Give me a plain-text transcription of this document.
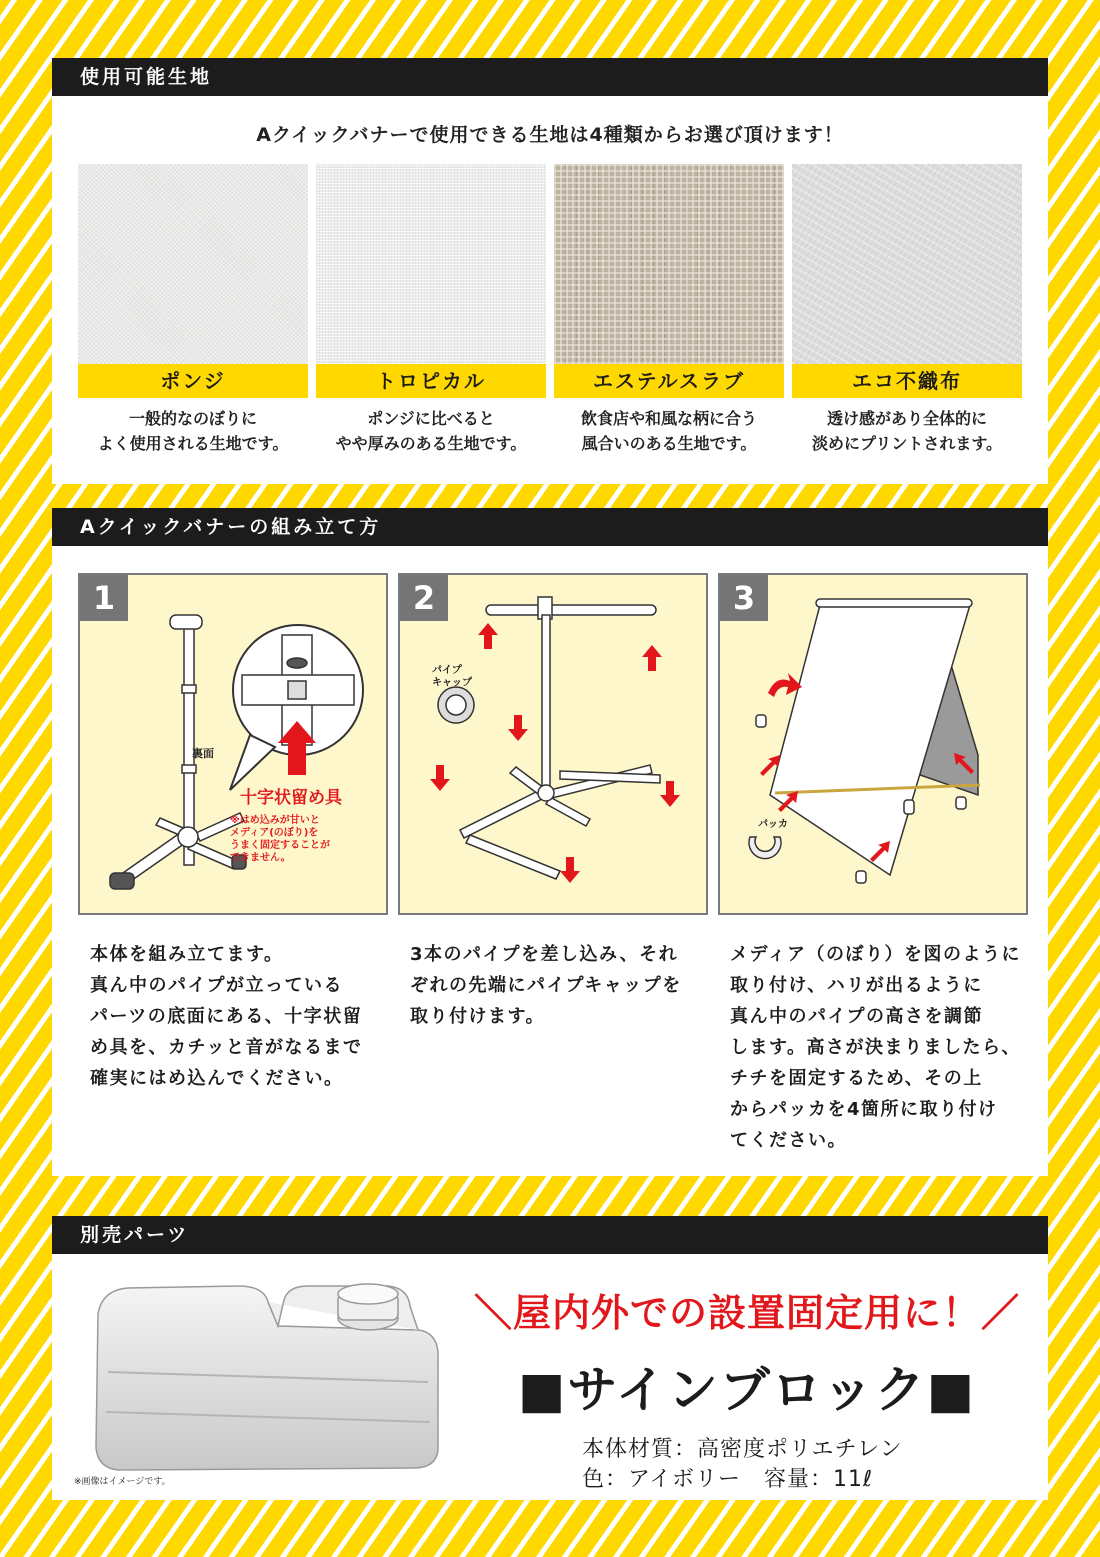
使用可能生地
Aクイックバナーで使用できる生地は4種類からお選び頂けます！
ポンジ
一般的なのぼりに
よく使用される生地です。
トロピカル
ポンジに比べると
やや厚みのある生地です。
エステルスラブ
飲食店や和風な柄に合う
風合いのある生地です。
エコ不織布
透け感があり全体的に
淡めにプリントされます。
Aクイックバナーの組み立て方
裏面
十字状留め具
※はめ込みが甘いとメディア(のぼり)をうまく固定することができません。
1
本体を組み立てます。
真ん中のパイプが立っている
パーツの底面にある、十字状留
め具を、カチッと音がなるまで
確実にはめ込んでください。
パイプキャップ
2
3本のパイプを差し込み、それ
ぞれの先端にパイプキャップを
取り付けます。
パッカ
3
メディア（のぼり）を図のように
取り付け、ハリが出るように
真ん中のパイプの高さを調節
します。高さが決まりましたら、
チチを固定するため、その上
からパッカを4箇所に取り付け
てください。
別売パーツ
※画像はイメージです。
＼屋内外での設置固定用に！／
■サインブロック■
本体材質：高密度ポリエチレン
色：アイボリー　容量：11ℓ
